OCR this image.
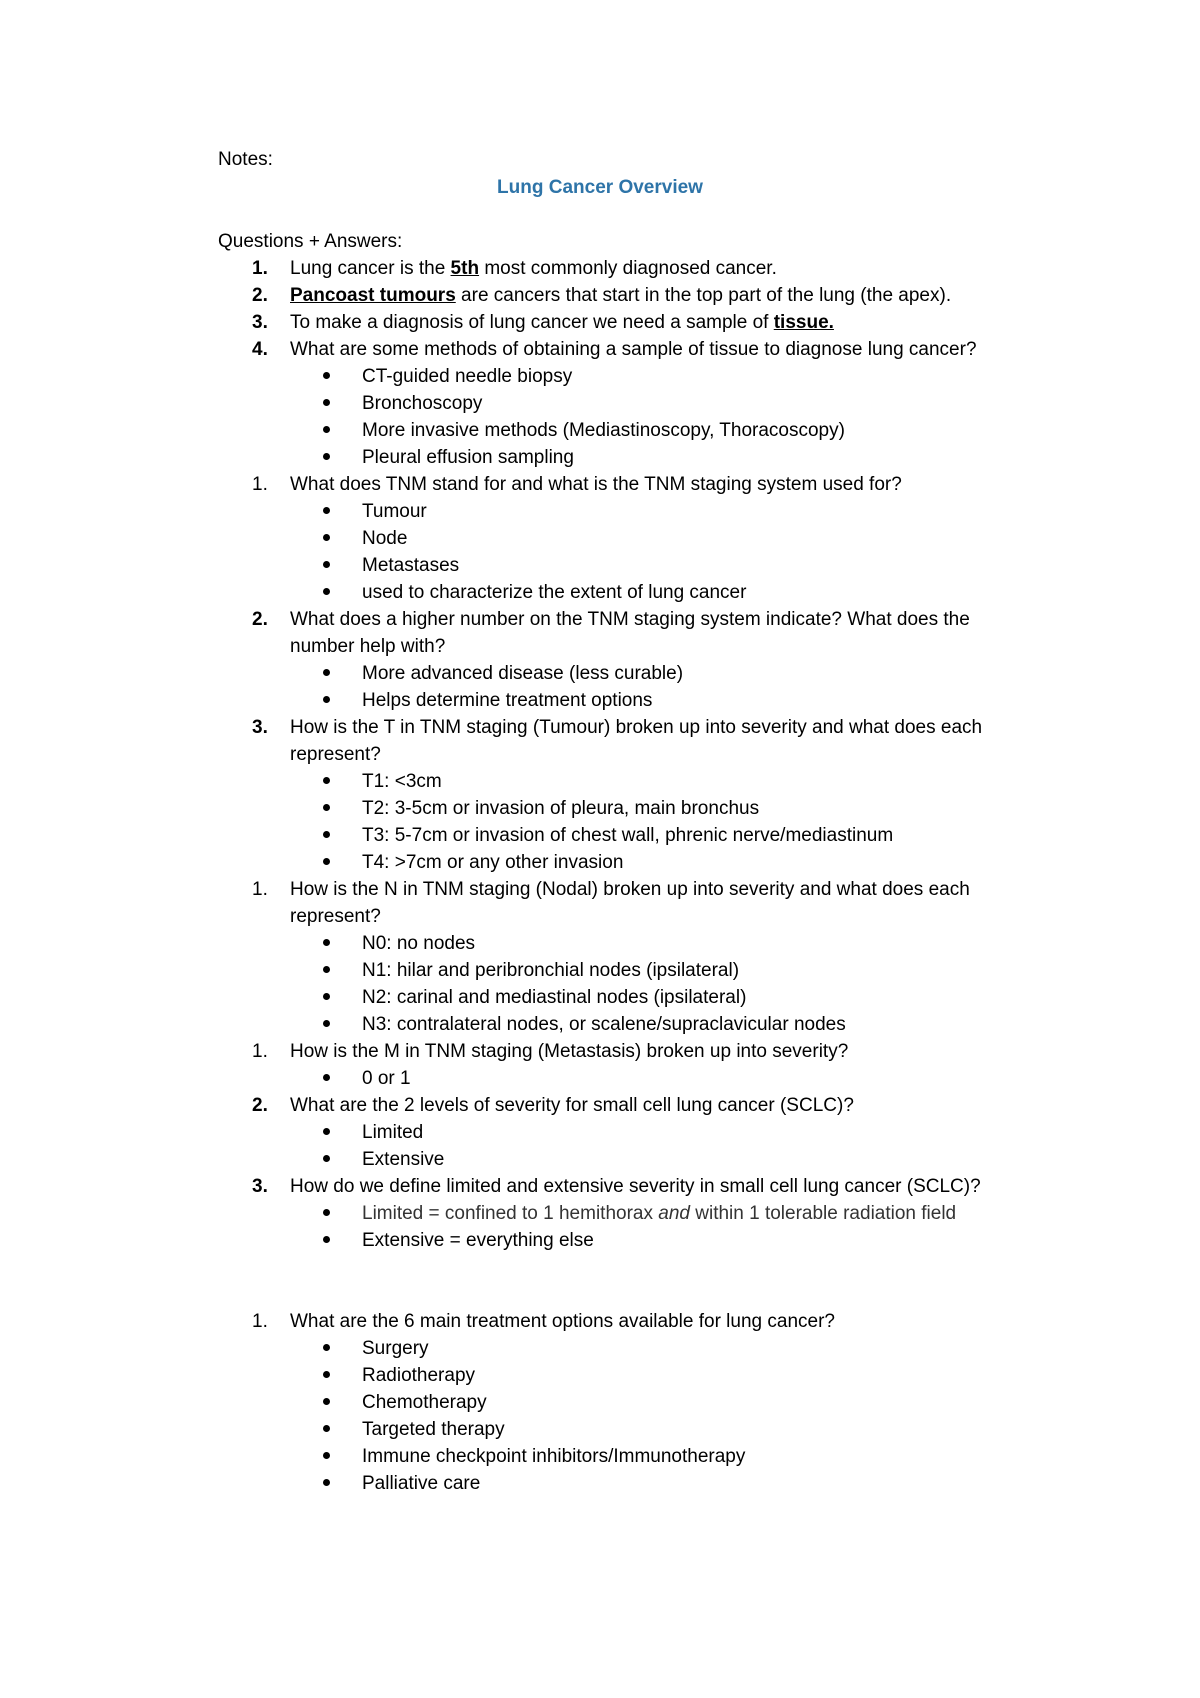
Notes:
Lung Cancer Overview
Questions + Answers:
1. Lung cancer is the 5th most commonly diagnosed cancer.
2. Pancoast tumours are cancers that start in the top part of the lung (the apex).
3. To make a diagnosis of lung cancer we need a sample of tissue.
4. What are some methods of obtaining a sample of tissue to diagnose lung cancer?
CT-guided needle biopsy
Bronchoscopy
More invasive methods (Mediastinoscopy, Thoracoscopy)
Pleural effusion sampling
1. What does TNM stand for and what is the TNM staging system used for?
Tumour
Node
Metastases
used to characterize the extent of lung cancer
2. What does a higher number on the TNM staging system indicate? What does the
number help with?
More advanced disease (less curable)
Helps determine treatment options
3. How is the T in TNM staging (Tumour) broken up into severity and what does each
represent?
T1: <3cm
T2: 3-5cm or invasion of pleura, main bronchus
T3: 5-7cm or invasion of chest wall, phrenic nerve/mediastinum
T4: >7cm or any other invasion
1. How is the N in TNM staging (Nodal) broken up into severity and what does each
represent?
N0: no nodes
N1: hilar and peribronchial nodes (ipsilateral)
N2: carinal and mediastinal nodes (ipsilateral)
N3: contralateral nodes, or scalene/supraclavicular nodes
1. How is the M in TNM staging (Metastasis) broken up into severity?
0 or 1
2. What are the 2 levels of severity for small cell lung cancer (SCLC)?
Limited
Extensive
3. How do we define limited and extensive severity in small cell lung cancer (SCLC)?
Limited = confined to 1 hemithorax and within 1 tolerable radiation field
Extensive = everything else
1. What are the 6 main treatment options available for lung cancer?
Surgery
Radiotherapy
Chemotherapy
Targeted therapy
Immune checkpoint inhibitors/Immunotherapy
Palliative care
